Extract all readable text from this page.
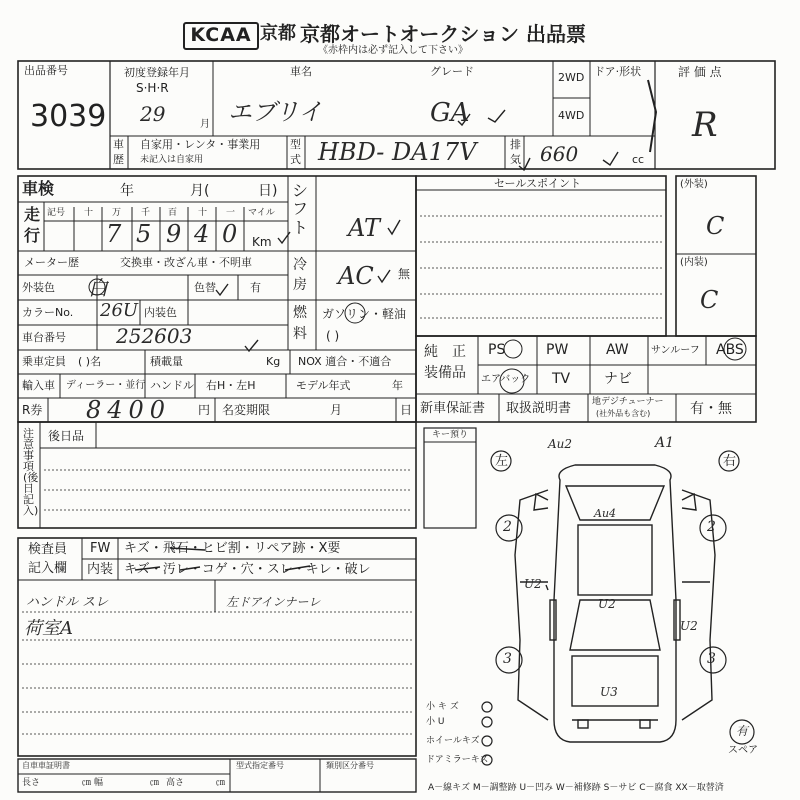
KCAA 京都 京都オートオークション 出品票
《赤枠内は必ず記入して下さい》
出品番号
3039
初度登録年月
S·H·R
29	月
車名
エブリイ
グレード
GA
2WD
4WD
ドア·形状	評 価 点
R
車
歴
自家用・レンタ・事業用
未記入は自家用
型
式 HBD- DA17V	排
気 660	cc
車検	年	月(	日)
走
行
記号 十 万 千 百 十 一 マイル
7 5 9 4 0 Km
シフト AT
メーター歴	交換車・改ざん車・不明車	冷
房 AC 無
外装色 白	色替	有
燃
料
ガソリン・軽油
( )
カラーNo. 26U 内装色
車台番号	252603
乗車定員 ( )名	積載量	Kg NOX 適合・不適合
輸入車 ディーラー・並行 ハンドル 右H・左H	モデル年式	年
R券 8400 円 名変期限	月	日
セールスポイント	(外装)
C
(内装)
C
純　正
装備品
PS	PW	AW サンルーフ ABS
エアバック TV ナビ
新車保証書 取扱説明書 地デジチューナー
(社外品も含む)	有・無
注意事項(後日記入)
後日品	キー預り
検査員
記入欄
FW キズ・飛石・ヒビ割・リペア跡・X要
内装 キズ・汚レ・コゲ・穴・スレ・キレ・破レ
ハンドル スレ
荷室A
左ドアインナーレ
左	右
Au2	A1
Au4
U2
U2
U2
U3
2	2
3	3
有
スペア
小 キ ズ
小 U
ホイールキズ
ドアミラーキズ
自車車証明書
長さ	㎝ 幅	㎝ 高さ	㎝
型式指定番号	類別区分番号
A－線キズ M－調整跡 U－凹み W－補修跡 S－サビ C－腐食 XX－取替済
